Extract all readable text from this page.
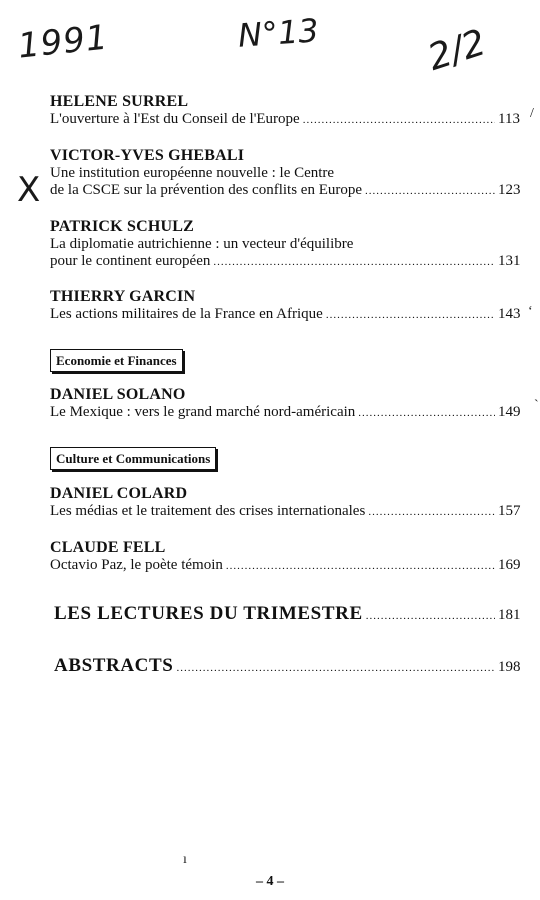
1991	N°13	2/2
X
HELENE SURREL
L'ouverture à l'Est du Conseil de l'Europe .....	113
VICTOR-YVES GHEBALI
Une institution européenne nouvelle : le Centre
de la CSCE sur la prévention des conflits en Europe .....	123
PATRICK SCHULZ
La diplomatie autrichienne : un vecteur d'équilibre
pour le continent européen .....	131
THIERRY GARCIN
Les actions militaires de la France en Afrique .....	143
Economie et Finances
DANIEL SOLANO
Le Mexique : vers le grand marché nord-américain .....	149
Culture et Communications
DANIEL COLARD
Les médias et le traitement des crises internationales .....	157
CLAUDE FELL
Octavio Paz, le poète témoin .....	169
LES LECTURES DU TRIMESTRE .....	181
ABSTRACTS .....	198
/
‘
`
ı
– 4 –
